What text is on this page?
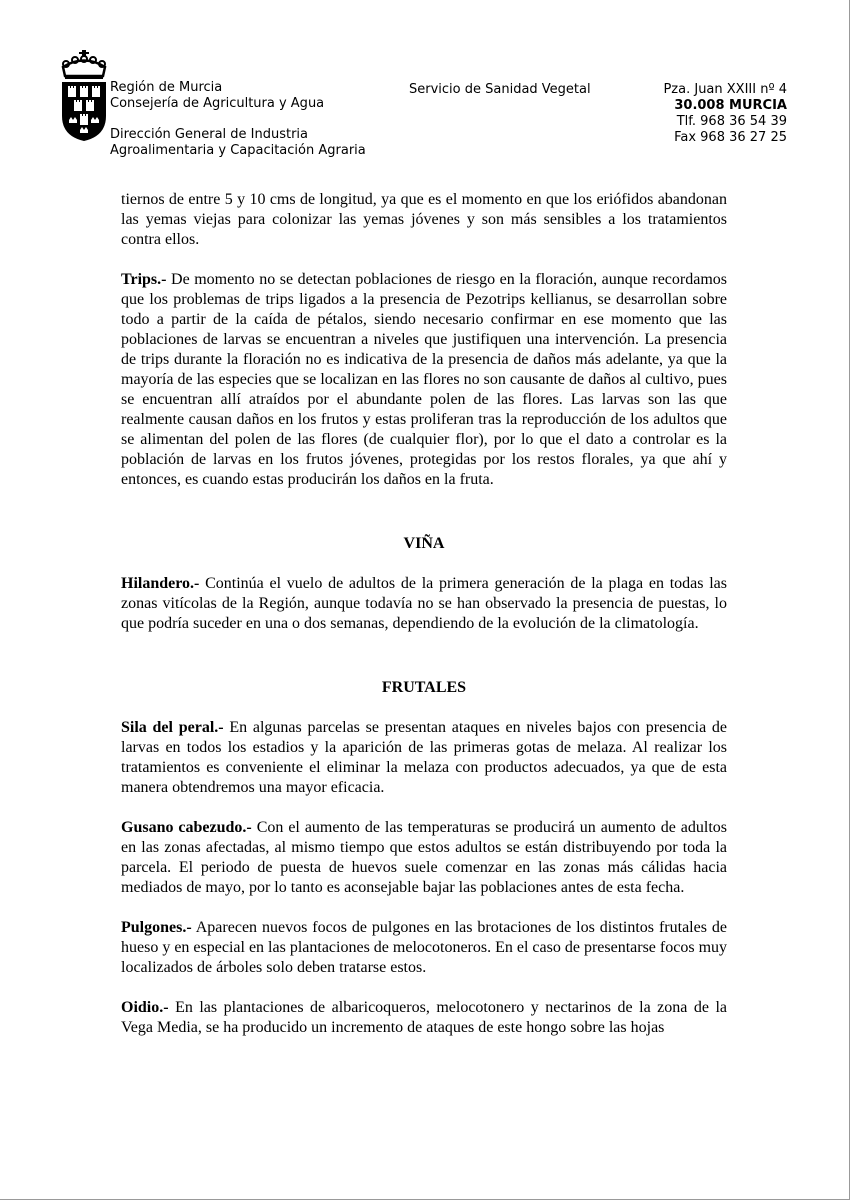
Región de Murcia
Consejería de Agricultura y Agua
Dirección General de Industria
Agroalimentaria y Capacitación Agraria
Servicio de Sanidad Vegetal	Pza. Juan XXIII nº 4
30.008 MURCIA
Tlf. 968 36 54 39
Fax 968 36 27 25

tiernos de entre 5 y 10 cms de longitud, ya que es el momento en que los eriófidos abandonan las yemas viejas para colonizar las yemas jóvenes y son más sensibles a los tratamientos contra ellos.

Trips.- De momento no se detectan poblaciones de riesgo en la floración, aunque recordamos que los problemas de trips ligados a la presencia de Pezotrips kellianus, se desarrollan sobre todo a partir de la caída de pétalos, siendo necesario confirmar en ese momento que las poblaciones de larvas se encuentran a niveles que justifiquen una intervención. La presencia de trips durante la floración no es indicativa de la presencia de daños más adelante, ya que la mayoría de las especies que se localizan en las flores no son causante de daños al cultivo, pues se encuentran allí atraídos por el abundante polen de las flores. Las larvas son las que realmente causan daños en los frutos y estas proliferan tras la reproducción de los adultos que se alimentan del polen de las flores (de cualquier flor), por lo que el dato a controlar es la población de larvas en los frutos jóvenes, protegidas por los restos florales, ya que ahí y entonces, es cuando estas producirán los daños en la fruta.

VIÑA

Hilandero.- Continúa el vuelo de adultos de la primera generación de la plaga en todas las zonas vitícolas de la Región, aunque todavía no se han observado la presencia de puestas, lo que podría suceder en una o dos semanas, dependiendo de la evolución de la climatología.

FRUTALES

Sila del peral.- En algunas parcelas se presentan ataques en niveles bajos con presencia de larvas en todos los estadios y la aparición de las primeras gotas de melaza. Al realizar los tratamientos es conveniente el eliminar la melaza con productos adecuados, ya que de esta manera obtendremos una mayor eficacia.

Gusano cabezudo.- Con el aumento de las temperaturas se producirá un aumento de adultos en las zonas afectadas, al mismo tiempo que estos adultos se están distribuyendo por toda la parcela. El periodo de puesta de huevos suele comenzar en las zonas más cálidas hacia mediados de mayo, por lo tanto es aconsejable bajar las poblaciones antes de esta fecha.

Pulgones.- Aparecen nuevos focos de pulgones en las brotaciones de los distintos frutales de hueso y en especial en las plantaciones de melocotoneros. En el caso de presentarse focos muy localizados de árboles solo deben tratarse estos.

Oidio.- En las plantaciones de albaricoqueros, melocotonero y nectarinos de la zona de la Vega Media, se ha producido un incremento de ataques de este hongo sobre las hojas
